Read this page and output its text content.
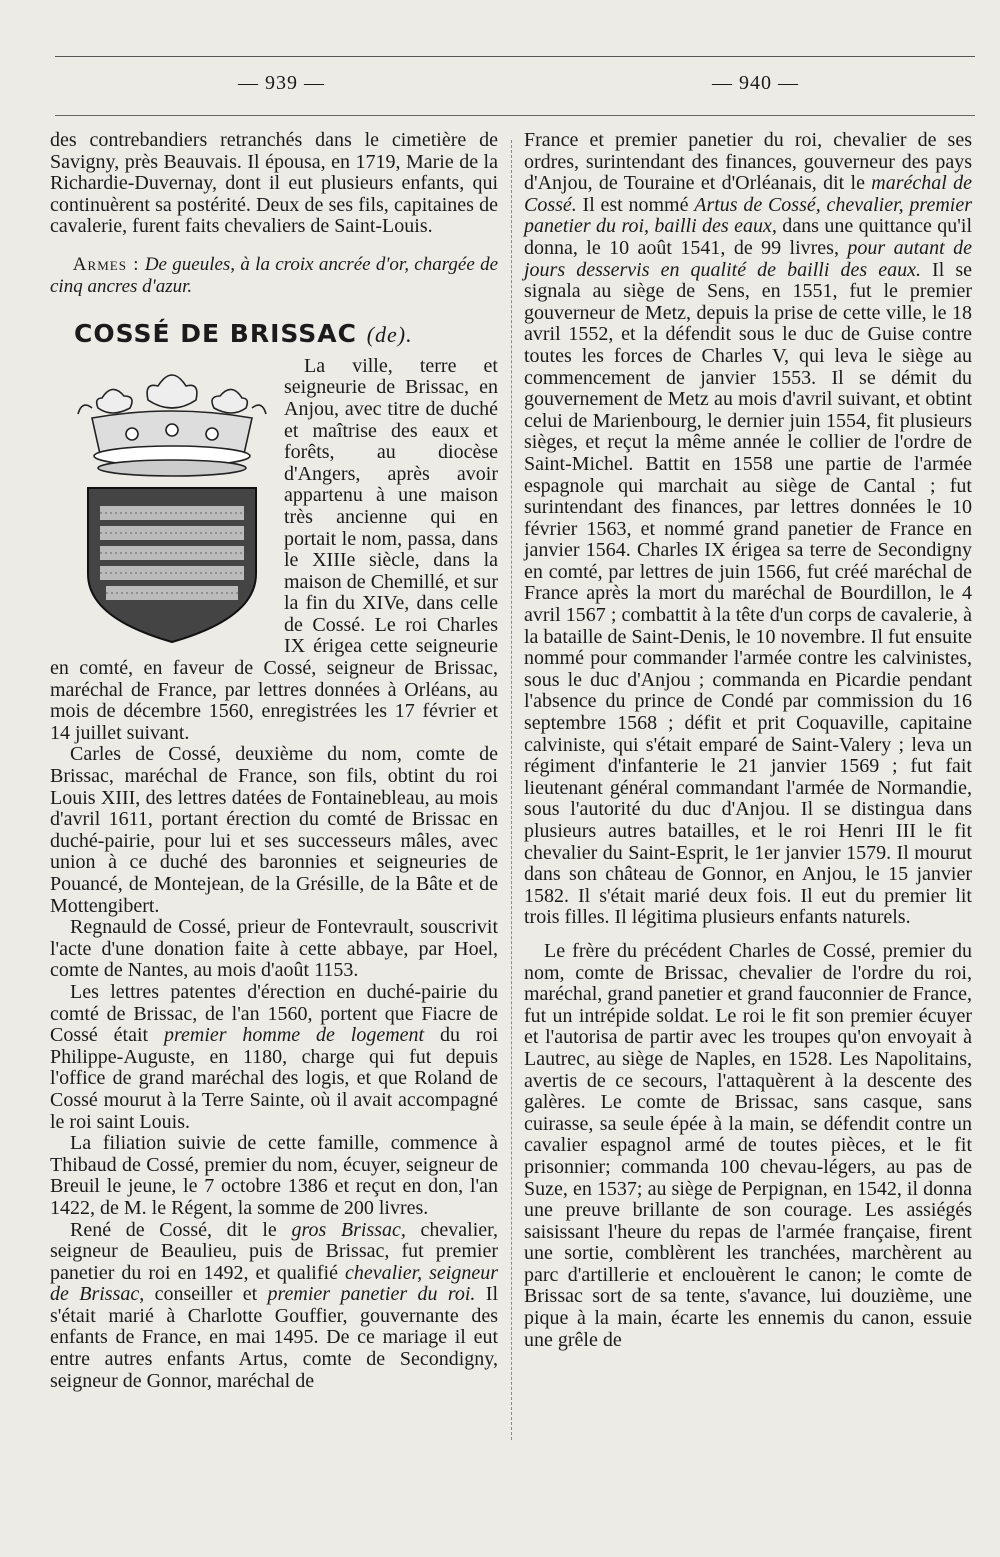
— 939 —	— 940 —

des contrebandiers retranchés dans le cimetière de Savigny, près Beauvais. Il épousa, en 1719, Marie de la Richardie-Duvernay, dont il eut plusieurs enfants, qui continuèrent sa postérité. Deux de ses fils, capitaines de cavalerie, furent faits chevaliers de Saint-Louis.

Armes : De gueules, à la croix ancrée d'or, chargée de cinq ancres d'azur.

COSSÉ DE BRISSAC (de).

La ville, terre et seigneurie de Brissac, en Anjou, avec titre de duché et maîtrise des eaux et forêts, au diocèse d'Angers, après avoir appartenu à une maison très ancienne qui en portait le nom, passa, dans le XIIIe siècle, dans la maison de Chemillé, et sur la fin du XIVe, dans celle de Cossé. Le roi Charles IX érigea cette seigneurie en comté, en faveur de Cossé, seigneur de Brissac, maréchal de France, par lettres données à Orléans, au mois de décembre 1560, enregistrées les 17 février et 14 juillet suivant.

Carles de Cossé, deuxième du nom, comte de Brissac, maréchal de France, son fils, obtint du roi Louis XIII, des lettres datées de Fontainebleau, au mois d'avril 1611, portant érection du comté de Brissac en duché-pairie, pour lui et ses successeurs mâles, avec union à ce duché des baronnies et seigneuries de Pouancé, de Montejean, de la Grésille, de la Bâte et de Mottengibert.

Regnauld de Cossé, prieur de Fontevrault, souscrivit l'acte d'une donation faite à cette abbaye, par Hoel, comte de Nantes, au mois d'août 1153.

Les lettres patentes d'érection en duché-pairie du comté de Brissac, de l'an 1560, portent que Fiacre de Cossé était premier homme de logement du roi Philippe-Auguste, en 1180, charge qui fut depuis l'office de grand maréchal des logis, et que Roland de Cossé mourut à la Terre Sainte, où il avait accompagné le roi saint Louis.

La filiation suivie de cette famille, commence à Thibaud de Cossé, premier du nom, écuyer, seigneur de Breuil le jeune, le 7 octobre 1386 et reçut en don, l'an 1422, de M. le Régent, la somme de 200 livres.

René de Cossé, dit le gros Brissac, chevalier, seigneur de Beaulieu, puis de Brissac, fut premier panetier du roi en 1492, et qualifié chevalier, seigneur de Brissac, conseiller et premier panetier du roi. Il s'était marié à Charlotte Gouffier, gouvernante des enfants de France, en mai 1495. De ce mariage il eut entre autres enfants Artus, comte de Secondigny, seigneur de Gonnor, maréchal de

France et premier panetier du roi, chevalier de ses ordres, surintendant des finances, gouverneur des pays d'Anjou, de Touraine et d'Orléanais, dit le maréchal de Cossé. Il est nommé Artus de Cossé, chevalier, premier panetier du roi, bailli des eaux, dans une quittance qu'il donna, le 10 août 1541, de 99 livres, pour autant de jours desservis en qualité de bailli des eaux. Il se signala au siège de Sens, en 1551, fut le premier gouverneur de Metz, depuis la prise de cette ville, le 18 avril 1552, et la défendit sous le duc de Guise contre toutes les forces de Charles V, qui leva le siège au commencement de janvier 1553. Il se démit du gouvernement de Metz au mois d'avril suivant, et obtint celui de Marienbourg, le dernier juin 1554, fit plusieurs sièges, et reçut la même année le collier de l'ordre de Saint-Michel. Battit en 1558 une partie de l'armée espagnole qui marchait au siège de Cantal ; fut surintendant des finances, par lettres données le 10 février 1563, et nommé grand panetier de France en janvier 1564. Charles IX érigea sa terre de Secondigny en comté, par lettres de juin 1566, fut créé maréchal de France après la mort du maréchal de Bourdillon, le 4 avril 1567 ; combattit à la tête d'un corps de cavalerie, à la bataille de Saint-Denis, le 10 novembre. Il fut ensuite nommé pour commander l'armée contre les calvinistes, sous le duc d'Anjou ; commanda en Picardie pendant l'absence du prince de Condé par commission du 16 septembre 1568 ; défit et prit Coquaville, capitaine calviniste, qui s'était emparé de Saint-Valery ; leva un régiment d'infanterie le 21 janvier 1569 ; fut fait lieutenant général commandant l'armée de Normandie, sous l'autorité du duc d'Anjou. Il se distingua dans plusieurs autres batailles, et le roi Henri III le fit chevalier du Saint-Esprit, le 1er janvier 1579. Il mourut dans son château de Gonnor, en Anjou, le 15 janvier 1582. Il s'était marié deux fois. Il eut du premier lit trois filles. Il légitima plusieurs enfants naturels.

Le frère du précédent Charles de Cossé, premier du nom, comte de Brissac, chevalier de l'ordre du roi, maréchal, grand panetier et grand fauconnier de France, fut un intrépide soldat. Le roi le fit son premier écuyer et l'autorisa de partir avec les troupes qu'on envoyait à Lautrec, au siège de Naples, en 1528. Les Napolitains, avertis de ce secours, l'attaquèrent à la descente des galères. Le comte de Brissac, sans casque, sans cuirasse, sa seule épée à la main, se défendit contre un cavalier espagnol armé de toutes pièces, et le fit prisonnier; commanda 100 chevau-légers, au pas de Suze, en 1537; au siège de Perpignan, en 1542, il donna une preuve brillante de son courage. Les assiégés saisissant l'heure du repas de l'armée française, firent une sortie, comblèrent les tranchées, marchèrent au parc d'artillerie et enclouèrent le canon; le comte de Brissac sort de sa tente, s'avance, lui douzième, une pique à la main, écarte les ennemis du canon, essuie une grêle de
